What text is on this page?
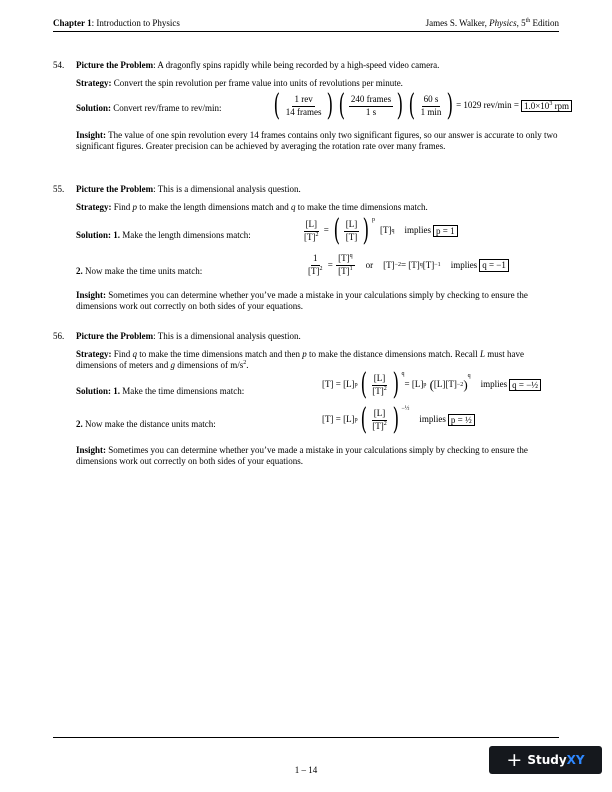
Chapter 1: Introduction to Physics	James S. Walker, Physics, 5th Edition
54. Picture the Problem: A dragonfly spins rapidly while being recorded by a high-speed video camera.
Strategy: Convert the spin revolution per frame value into units of revolutions per minute.
Solution: Convert rev/frame to rev/min: ( $\frac{\text{1 rev}}{\text{14 frames}}$ ) ( $\frac{\text{240 frames}}{1 s}$ ) ( $\frac{60 s}{1 \min}$ ) = 1029 $rev/\min = 1.0\times 10^3$ rpm
Insight: The value of one spin revolution every 14 frames contains only two significant figures, so our answer is accurate to only two significant figures. Greater precision can be achieved by averaging the rotation rate over many frames.
55. Picture the Problem: This is a dimensional analysis question.
Strategy: Find p to make the length dimensions match and q to make the time dimensions match.
Solution: 1. Make the length dimensions match:	$\frac{[L]}{[T]^2}$ = ( $\frac{[L]}{[T]}$ ) p
[T] q implies p = 1
2. Now make the time units match:	$\frac{1}{[T]^2} = \frac{[T]^q}{[T]^1}$ or [T] −2 = [T] q [T] −1 implies q = −1
Insight: Sometimes you can determine whether you’ve made a mistake in your calculations simply by checking to ensure the dimensions work out correctly on both sides of your equations.
56. Picture the Problem: This is a dimensional analysis question.
Strategy: Find q to make the time dimensions match and then p to make the distance dimensions match. Recall L must have dimensions of meters and g dimensions of $m/s^2$.
Solution: 1. Make the time dimensions match:
[T] = [L] p ( $\frac{[L]}{[T]^2}$ ) q
= [L] p ( [L] [T] −2 )
q
implies q = −½
2. Now make the distance units match:	[T] = [L] p ( $\frac{[L]}{[T]^2}$ ) −½
implies p = ½
Insight: Sometimes you can determine whether you’ve made a mistake in your calculations simply by checking to ensure the dimensions work out correctly on both sides of your equations.
1 – 14	+ Study XY
